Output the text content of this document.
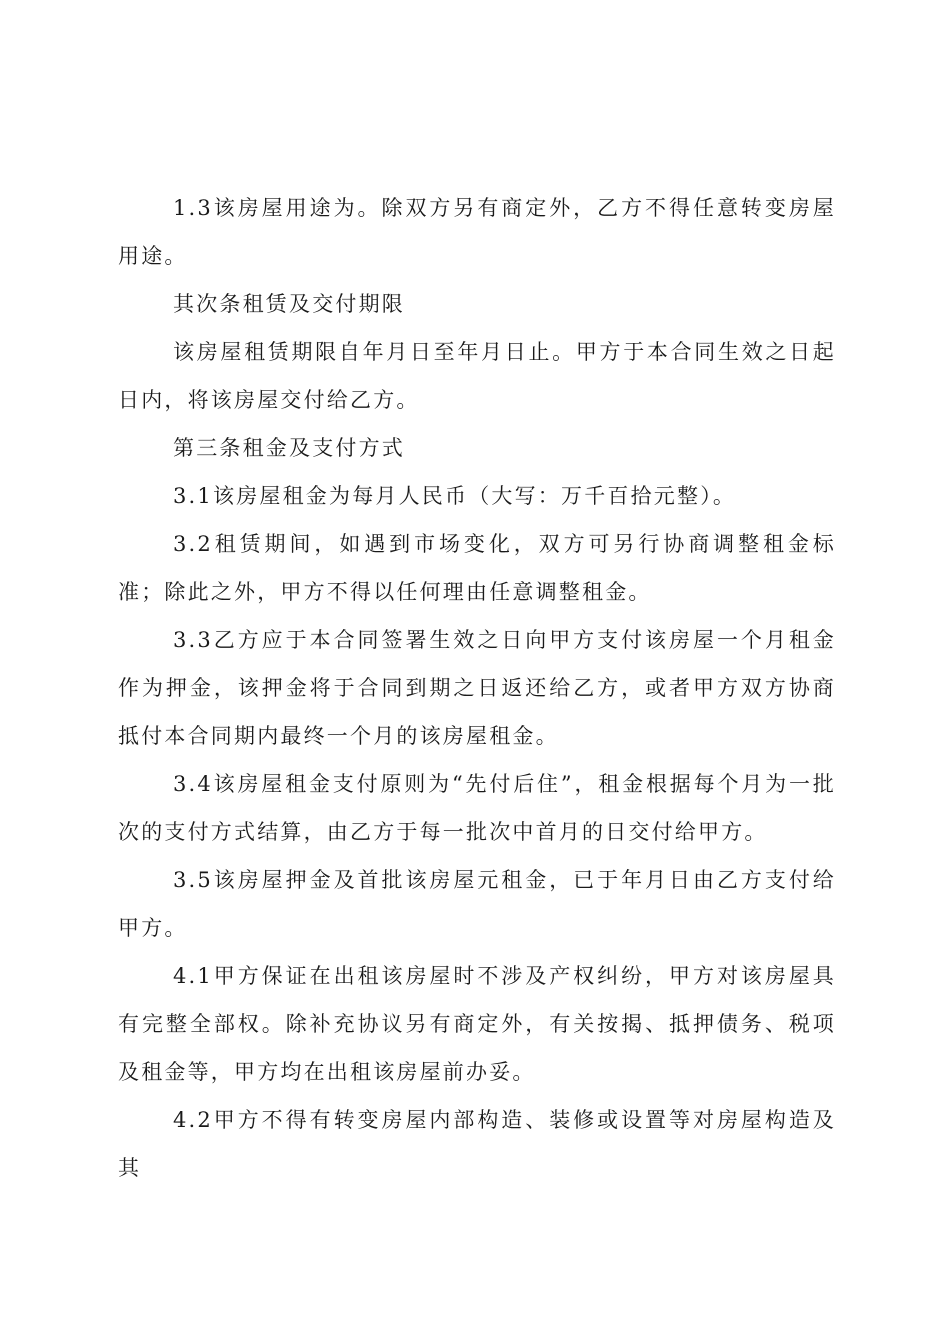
1.3该房屋用途为。除双方另有商定外，乙方不得任意转变房屋用途。

其次条租赁及交付期限

该房屋租赁期限自年月日至年月日止。甲方于本合同生效之日起日内，将该房屋交付给乙方。

第三条租金及支付方式

3.1该房屋租金为每月人民币（大写：万千百拾元整）。

3.2租赁期间，如遇到市场变化，双方可另行协商调整租金标准；除此之外，甲方不得以任何理由任意调整租金。

3.3乙方应于本合同签署生效之日向甲方支付该房屋一个月租金作为押金，该押金将于合同到期之日返还给乙方，或者甲方双方协商抵付本合同期内最终一个月的该房屋租金。

3.4该房屋租金支付原则为“先付后住”，租金根据每个月为一批次的支付方式结算，由乙方于每一批次中首月的日交付给甲方。

3.5该房屋押金及首批该房屋元租金，已于年月日由乙方支付给甲方。

4.1甲方保证在出租该房屋时不涉及产权纠纷，甲方对该房屋具有完整全部权。除补充协议另有商定外，有关按揭、抵押债务、税项及租金等，甲方均在出租该房屋前办妥。

4.2甲方不得有转变房屋内部构造、装修或设置等对房屋构造及其
